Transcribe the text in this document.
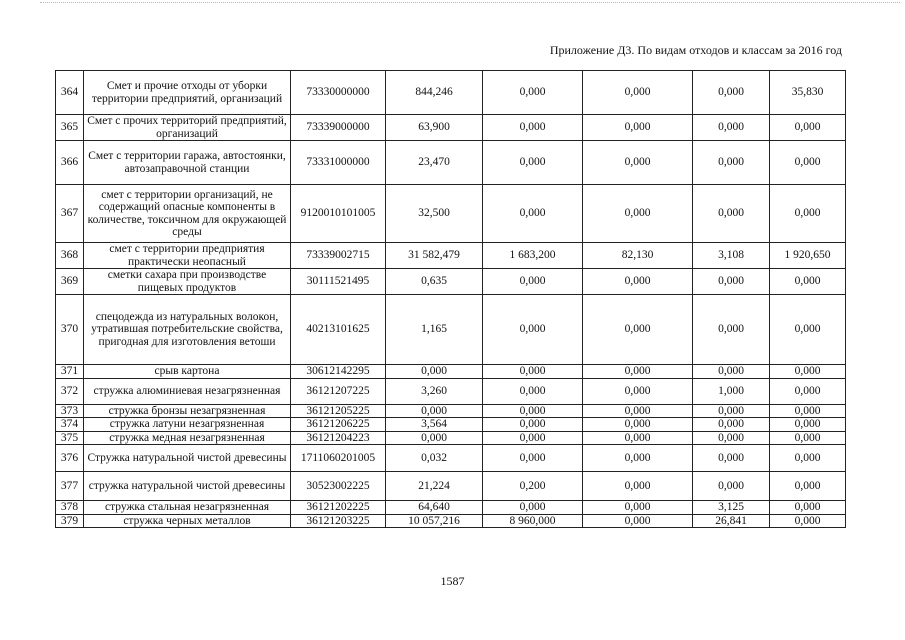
Приложение Д3. По видам отходов и классам за 2016 год
364	Смет и прочие отходы от уборки территории предприятий, организаций	73330000000	844,246	0,000	0,000	0,000	35,830
365	Смет с прочих территорий предприятий, организаций	73339000000	63,900	0,000	0,000	0,000	0,000
366	Смет с территории гаража, автостоянки, автозаправочной станции	73331000000	23,470	0,000	0,000	0,000	0,000
367	смет с территории организаций, не содержащий опасные компоненты в количестве, токсичном для окружающей среды	9120010101005	32,500	0,000	0,000	0,000	0,000
368	смет с территории предприятия практически неопасный	73339002715	31 582,479	1 683,200	82,130	3,108	1 920,650
369	сметки сахара при производстве пищевых продуктов	30111521495	0,635	0,000	0,000	0,000	0,000
370	спецодежда из натуральных волокон, утратившая потребительские свойства, пригодная для изготовления ветоши	40213101625	1,165	0,000	0,000	0,000	0,000
371	срыв картона	30612142295	0,000	0,000	0,000	0,000	0,000
372	стружка алюминиевая незагрязненная	36121207225	3,260	0,000	0,000	1,000	0,000
373	стружка бронзы незагрязненная	36121205225	0,000	0,000	0,000	0,000	0,000
374	стружка латуни незагрязненная	36121206225	3,564	0,000	0,000	0,000	0,000
375	стружка медная незагрязненная	36121204223	0,000	0,000	0,000	0,000	0,000
376	Стружка натуральной чистой древесины	1711060201005	0,032	0,000	0,000	0,000	0,000
377	стружка натуральной чистой древесины	30523002225	21,224	0,200	0,000	0,000	0,000
378	стружка стальная незагрязненная	36121202225	64,640	0,000	0,000	3,125	0,000
379	стружка черных металлов	36121203225	10 057,216	8 960,000	0,000	26,841	0,000
1587
